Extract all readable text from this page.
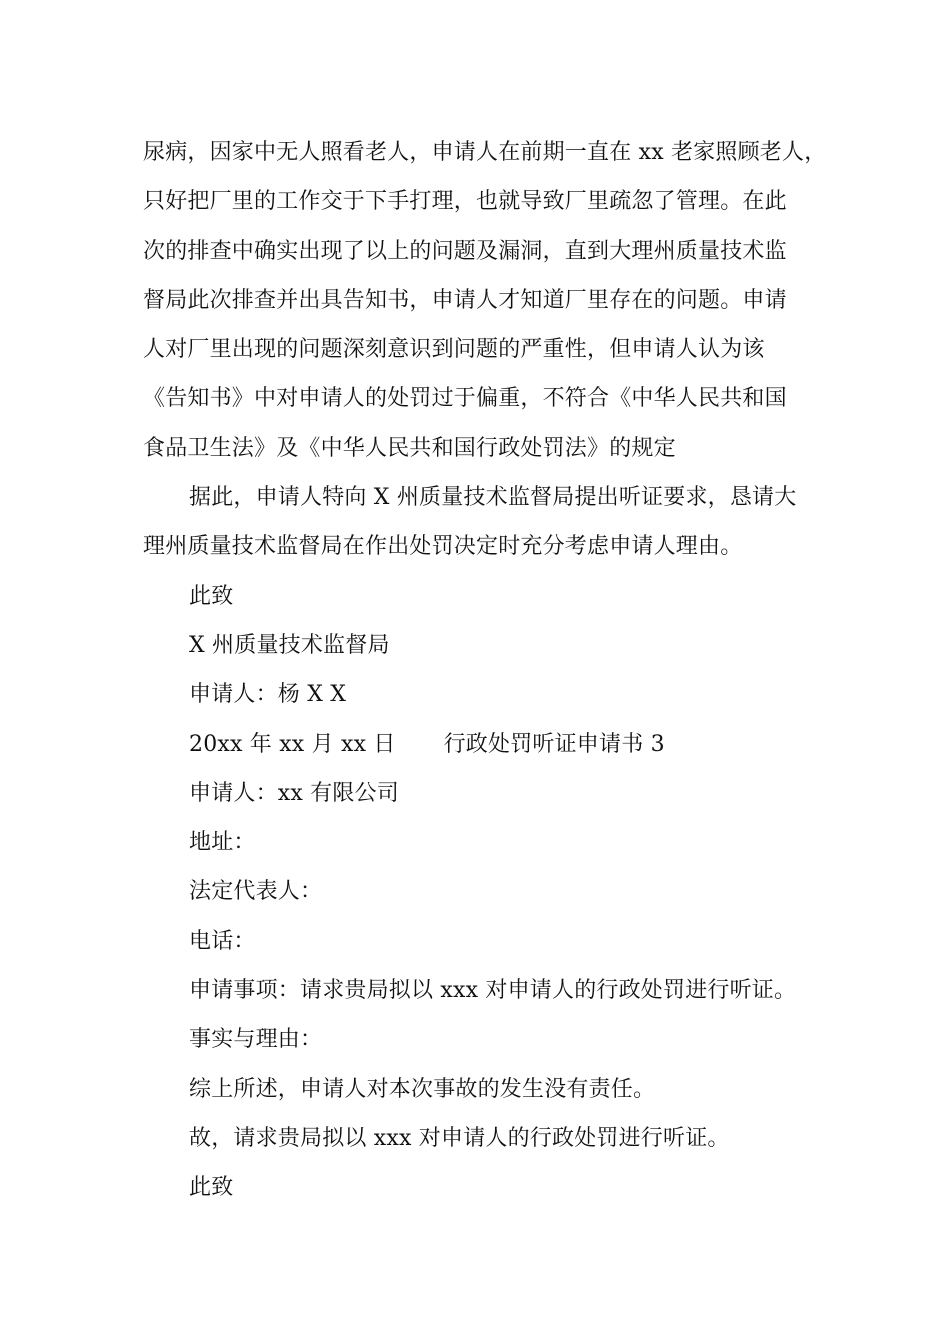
尿病，因家中无人照看老人，申请人在前期一直在 xx 老家照顾老人，
只好把厂里的工作交于下手打理，也就导致厂里疏忽了管理。在此
次的排查中确实出现了以上的问题及漏洞，直到大理州质量技术监
督局此次排查并出具告知书，申请人才知道厂里存在的问题。申请
人对厂里出现的问题深刻意识到问题的严重性，但申请人认为该
《告知书》中对申请人的处罚过于偏重，不符合《中华人民共和国
食品卫生法》及《中华人民共和国行政处罚法》的规定
据此，申请人特向 X 州质量技术监督局提出听证要求，恳请大
理州质量技术监督局在作出处罚决定时充分考虑申请人理由。
此致
X 州质量技术监督局
申请人：杨 X X
20xx 年 xx 月 xx 日 行政处罚听证申请书 3
申请人：xx 有限公司
地址：
法定代表人：
电话：
申请事项：请求贵局拟以 xxx 对申请人的行政处罚进行听证。
事实与理由：
综上所述，申请人对本次事故的发生没有责任。
故，请求贵局拟以 xxx 对申请人的行政处罚进行听证。
此致
